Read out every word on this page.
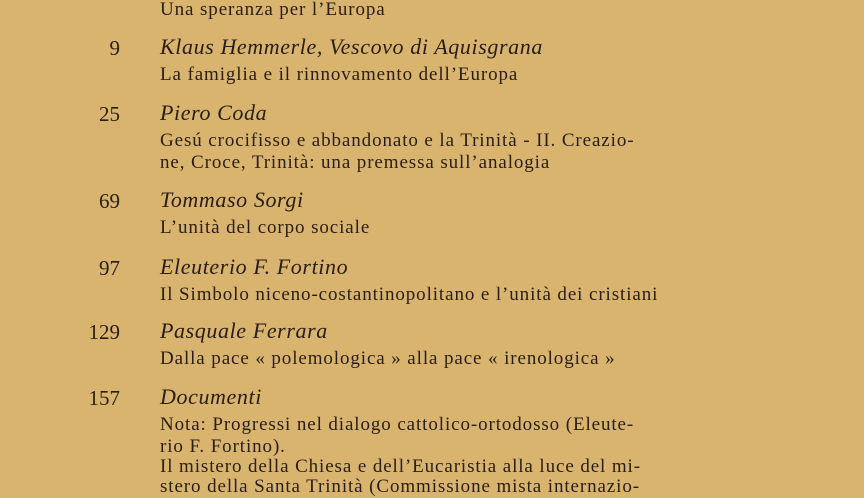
Una speranza per l’Europa
9 Klaus Hemmerle, Vescovo di Aquisgrana
La famiglia e il rinnovamento dell’Europa
25 Piero Coda
Gesú crocifisso e abbandonato e la Trinità - II. Creazio-
ne, Croce, Trinità: una premessa sull’analogia
69 Tommaso Sorgi
L’unità del corpo sociale
97 Eleuterio F. Fortino
Il Simbolo niceno-costantinopolitano e l’unità dei cristiani
129 Pasquale Ferrara
Dalla pace « polemologica » alla pace « irenologica »
157 Documenti
Nota: Progressi nel dialogo cattolico-ortodosso (Eleute-
rio F. Fortino).
Il mistero della Chiesa e dell’Eucaristia alla luce del mi-
stero della Santa Trinità (Commissione mista internazio-
